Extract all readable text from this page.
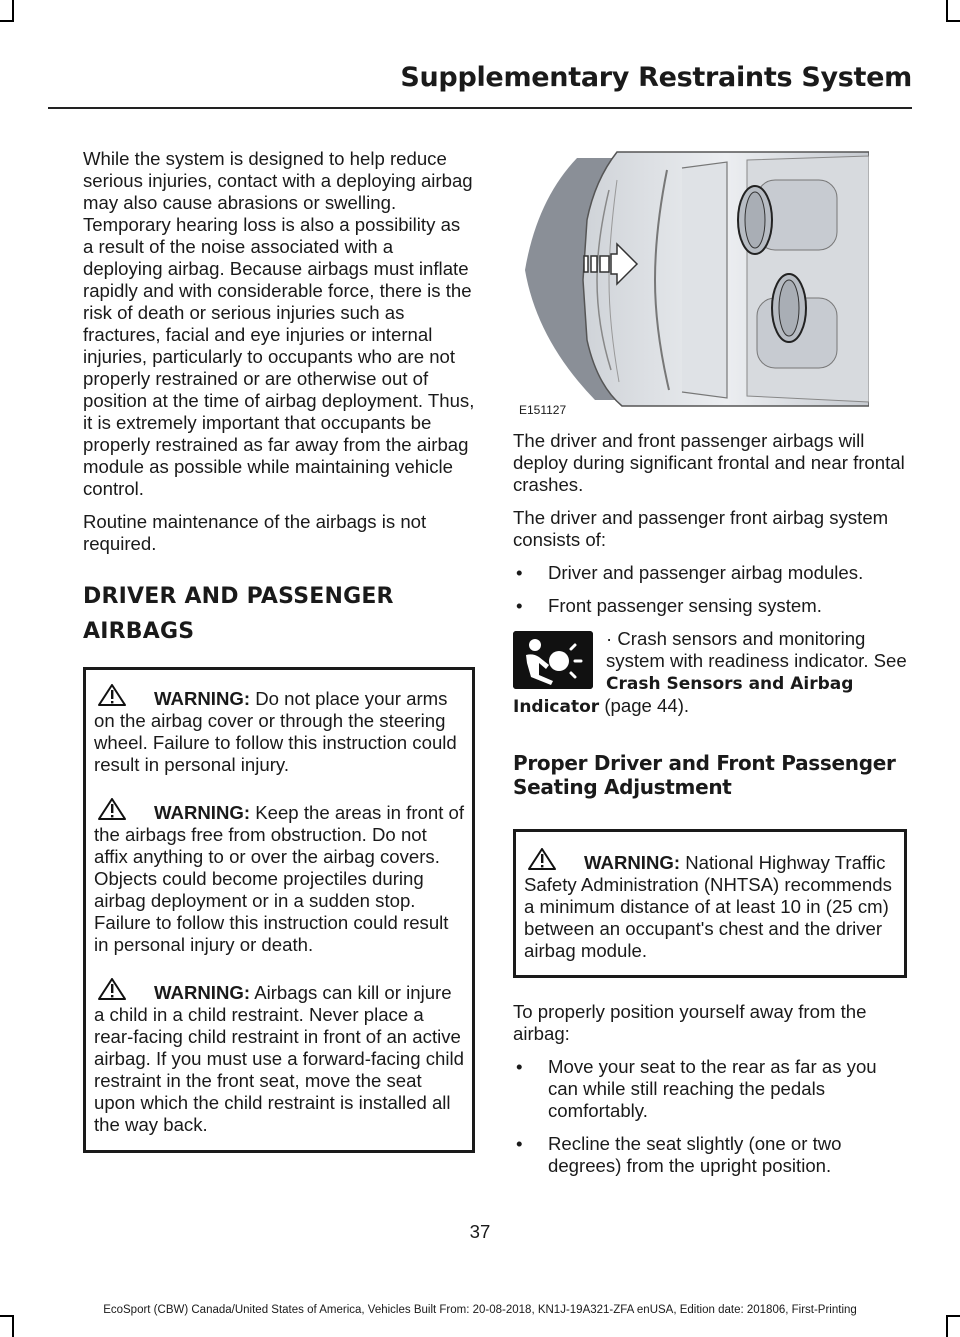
Supplementary Restraints System

While the system is designed to help reduce serious injuries, contact with a deploying airbag may also cause abrasions or swelling. Temporary hearing loss is also a possibility as a result of the noise associated with a deploying airbag. Because airbags must inflate rapidly and with considerable force, there is the risk of death or serious injuries such as fractures, facial and eye injuries or internal injuries, particularly to occupants who are not properly restrained or are otherwise out of position at the time of airbag deployment. Thus, it is extremely important that occupants be properly restrained as far away from the airbag module as possible while maintaining vehicle control.

Routine maintenance of the airbags is not required.

DRIVER AND PASSENGER
AIRBAGS
WARNING: Do not place your arms on the airbag cover or through the steering wheel. Failure to follow this instruction could result in personal injury.
WARNING: Keep the areas in front of the airbags free from obstruction. Do not affix anything to or over the airbag covers. Objects could become projectiles during airbag deployment or in a sudden stop. Failure to follow this instruction could result in personal injury or death.
WARNING: Airbags can kill or injure a child in a child restraint. Never place a rear-facing child restraint in front of an active airbag. If you must use a forward-facing child restraint in the front seat, move the seat upon which the child restraint is installed all the way back.
E151127

The driver and front passenger airbags will deploy during significant frontal and near frontal crashes.

The driver and passenger front airbag system consists of:

• Driver and passenger airbag modules.
• Front passenger sensing system.

· Crash sensors and monitoring system with readiness indicator. See Crash Sensors and Airbag Indicator (page 44).

Proper Driver and Front Passenger Seating Adjustment
WARNING: National Highway Traffic Safety Administration (NHTSA) recommends a minimum distance of at least 10 in (25 cm) between an occupant's chest and the driver airbag module.

To properly position yourself away from the airbag:

• Move your seat to the rear as far as you can while still reaching the pedals comfortably.
• Recline the seat slightly (one or two degrees) from the upright position.
37
EcoSport (CBW) Canada/United States of America, Vehicles Built From: 20-08-2018, KN1J-19A321-ZFA enUSA, Edition date: 201806, First-Printing
